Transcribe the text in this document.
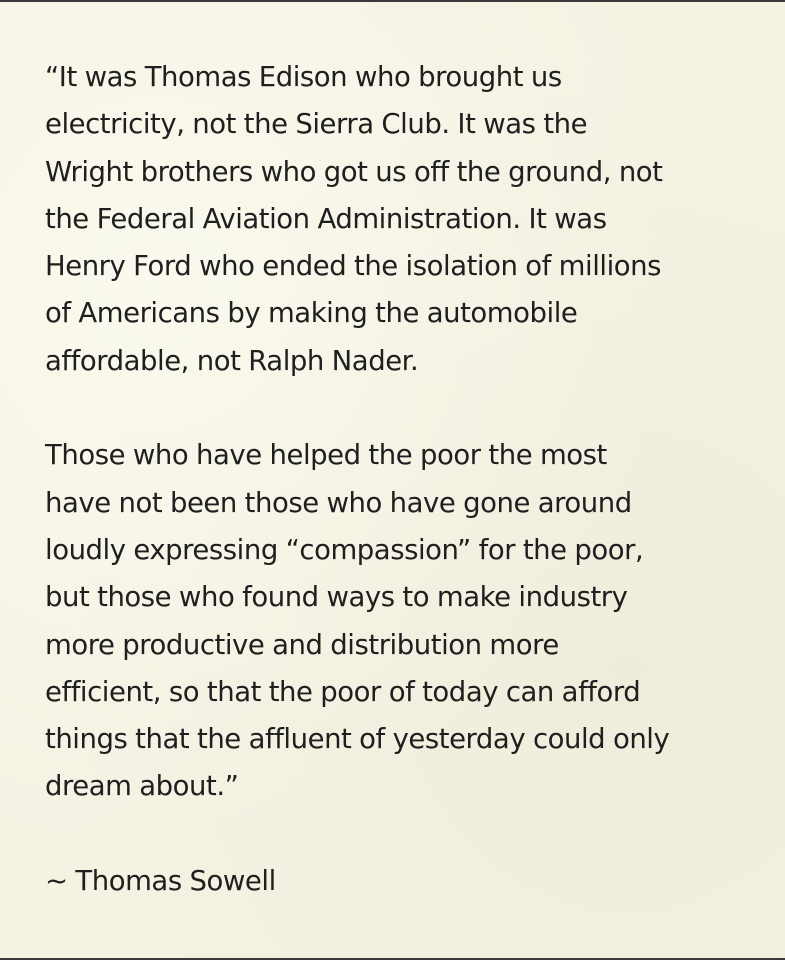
“It was Thomas Edison who brought us
electricity, not the Sierra Club. It was the
Wright brothers who got us off the ground, not
the Federal Aviation Administration. It was
Henry Ford who ended the isolation of millions
of Americans by making the automobile
affordable, not Ralph Nader.
Those who have helped the poor the most
have not been those who have gone around
loudly expressing “compassion” for the poor,
but those who found ways to make industry
more productive and distribution more
efficient, so that the poor of today can afford
things that the affluent of yesterday could only
dream about.”
~ Thomas Sowell
